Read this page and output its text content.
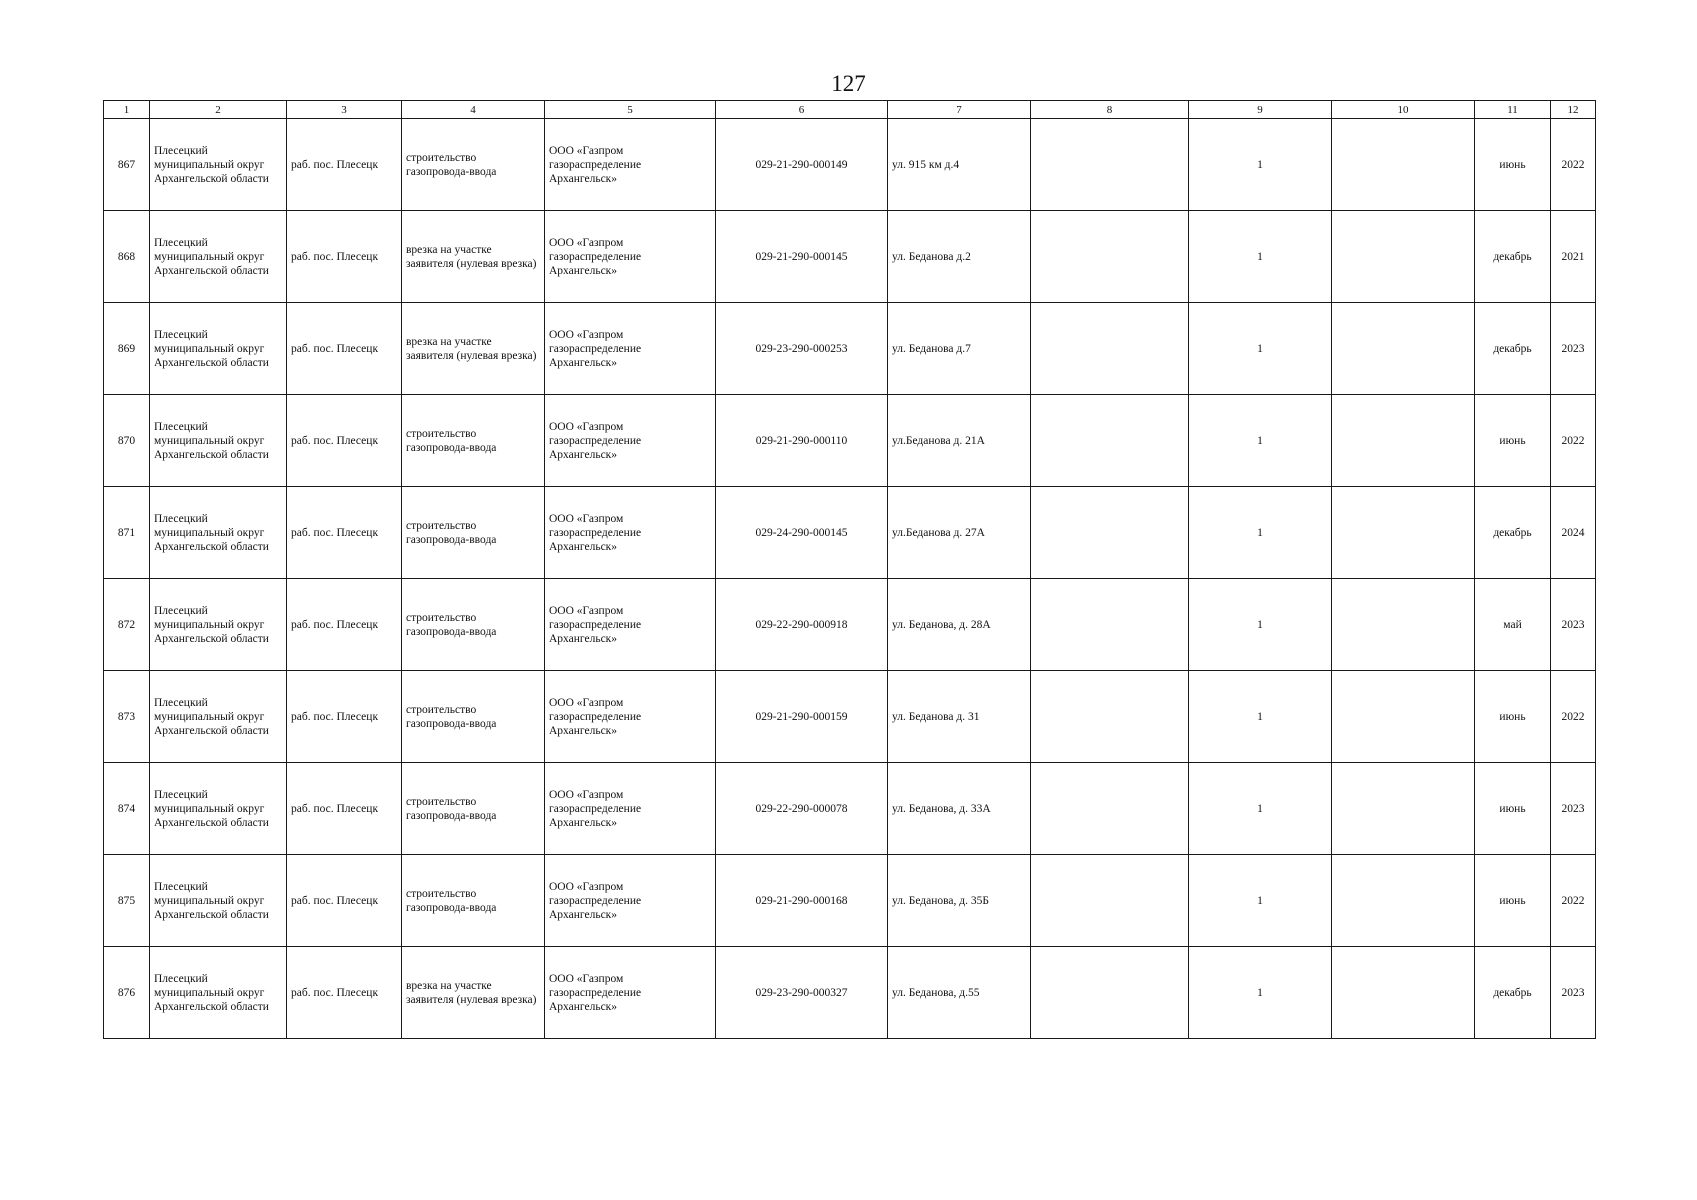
127
1	2	3	4	5	6	7	8	9	10	11	12
867	Плесецкий муниципальный округ Архангельской области	раб. пос. Плесецк	строительство газопровода-ввода	ООО «Газпром газораспределение Архангельск»	029-21-290-000149	ул. 915 км д.4		1		июнь	2022
868	Плесецкий муниципальный округ Архангельской области	раб. пос. Плесецк	врезка на участке заявителя (нулевая врезка)	ООО «Газпром газораспределение Архангельск»	029-21-290-000145	ул. Беданова д.2		1		декабрь	2021
869	Плесецкий муниципальный округ Архангельской области	раб. пос. Плесецк	врезка на участке заявителя (нулевая врезка)	ООО «Газпром газораспределение Архангельск»	029-23-290-000253	ул. Беданова д.7		1		декабрь	2023
870	Плесецкий муниципальный округ Архангельской области	раб. пос. Плесецк	строительство газопровода-ввода	ООО «Газпром газораспределение Архангельск»	029-21-290-000110	ул.Беданова д. 21А		1		июнь	2022
871	Плесецкий муниципальный округ Архангельской области	раб. пос. Плесецк	строительство газопровода-ввода	ООО «Газпром газораспределение Архангельск»	029-24-290-000145	ул.Беданова д. 27А		1		декабрь	2024
872	Плесецкий муниципальный округ Архангельской области	раб. пос. Плесецк	строительство газопровода-ввода	ООО «Газпром газораспределение Архангельск»	029-22-290-000918	ул. Беданова, д. 28А		1		май	2023
873	Плесецкий муниципальный округ Архангельской области	раб. пос. Плесецк	строительство газопровода-ввода	ООО «Газпром газораспределение Архангельск»	029-21-290-000159	ул. Беданова д. 31		1		июнь	2022
874	Плесецкий муниципальный округ Архангельской области	раб. пос. Плесецк	строительство газопровода-ввода	ООО «Газпром газораспределение Архангельск»	029-22-290-000078	ул. Беданова, д. 33А		1		июнь	2023
875	Плесецкий муниципальный округ Архангельской области	раб. пос. Плесецк	строительство газопровода-ввода	ООО «Газпром газораспределение Архангельск»	029-21-290-000168	ул. Беданова, д. 35Б		1		июнь	2022
876	Плесецкий муниципальный округ Архангельской области	раб. пос. Плесецк	врезка на участке заявителя (нулевая врезка)	ООО «Газпром газораспределение Архангельск»	029-23-290-000327	ул. Беданова, д.55		1		декабрь	2023
